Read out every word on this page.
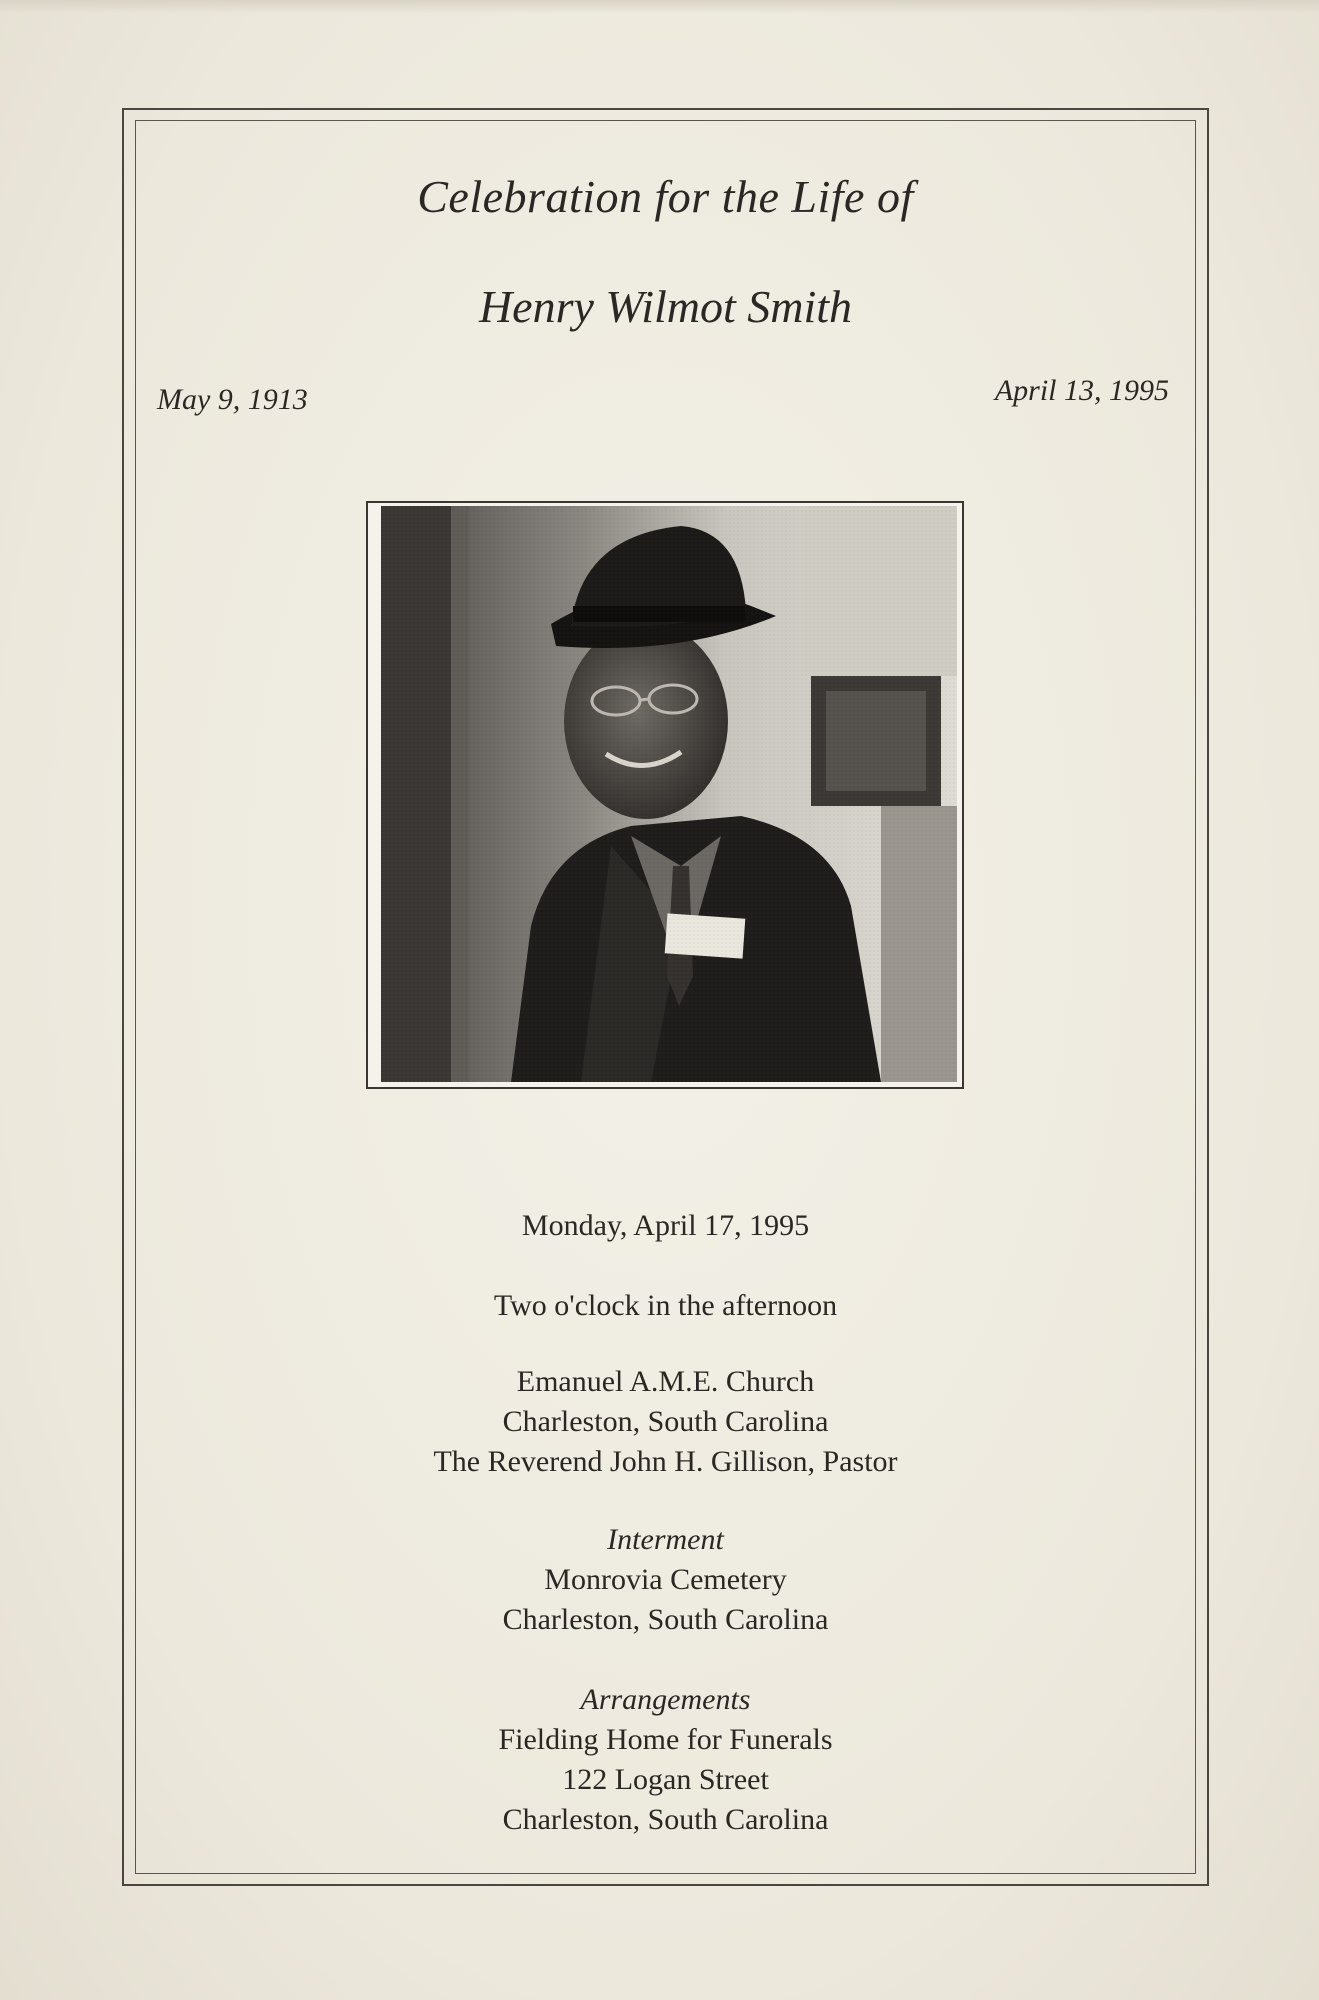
Celebration for the Life of
Henry Wilmot Smith
May 9, 1913	April 13, 1995
Monday, April 17, 1995
Two o'clock in the afternoon
Emanuel A.M.E. Church
Charleston, South Carolina
The Reverend John H. Gillison, Pastor
Interment
Monrovia Cemetery
Charleston, South Carolina
Arrangements
Fielding Home for Funerals
122 Logan Street
Charleston, South Carolina
